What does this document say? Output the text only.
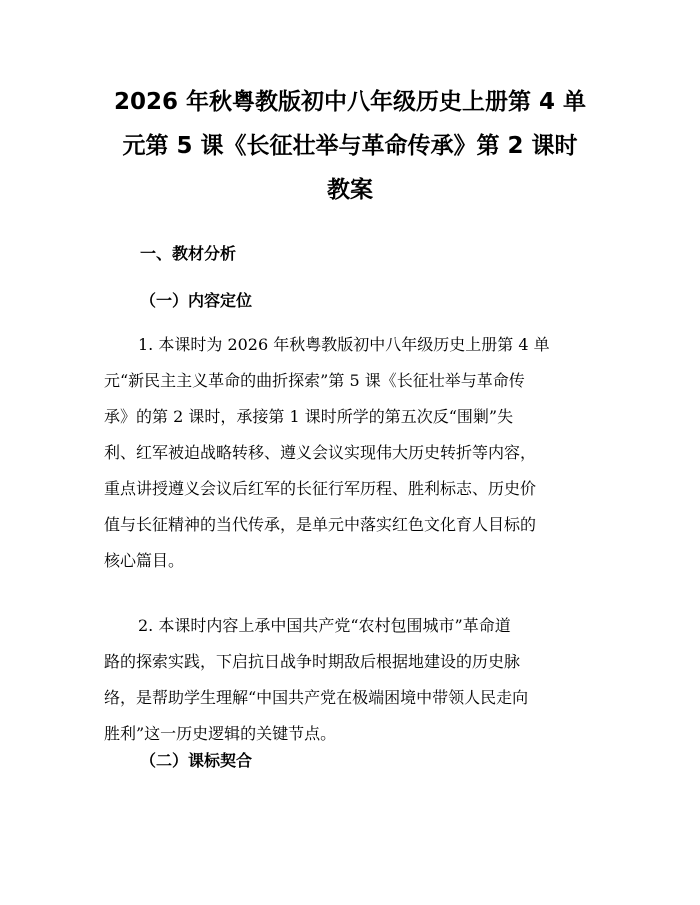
2026 年秋粤教版初中八年级历史上册第 4 单
元第 5 课《长征壮举与革命传承》第 2 课时
教案
一、教材分析
（一）内容定位

1. 本课时为 2026 年秋粤教版初中八年级历史上册第 4 单
元“新民主主义革命的曲折探索”第 5 课《长征壮举与革命传
承》的第 2 课时，承接第 1 课时所学的第五次反“围剿”失
利、红军被迫战略转移、遵义会议实现伟大历史转折等内容，
重点讲授遵义会议后红军的长征行军历程、胜利标志、历史价
值与长征精神的当代传承，是单元中落实红色文化育人目标的
核心篇目。

2. 本课时内容上承中国共产党“农村包围城市”革命道
路的探索实践，下启抗日战争时期敌后根据地建设的历史脉
络，是帮助学生理解“中国共产党在极端困境中带领人民走向
胜利”这一历史逻辑的关键节点。

（二）课标契合
